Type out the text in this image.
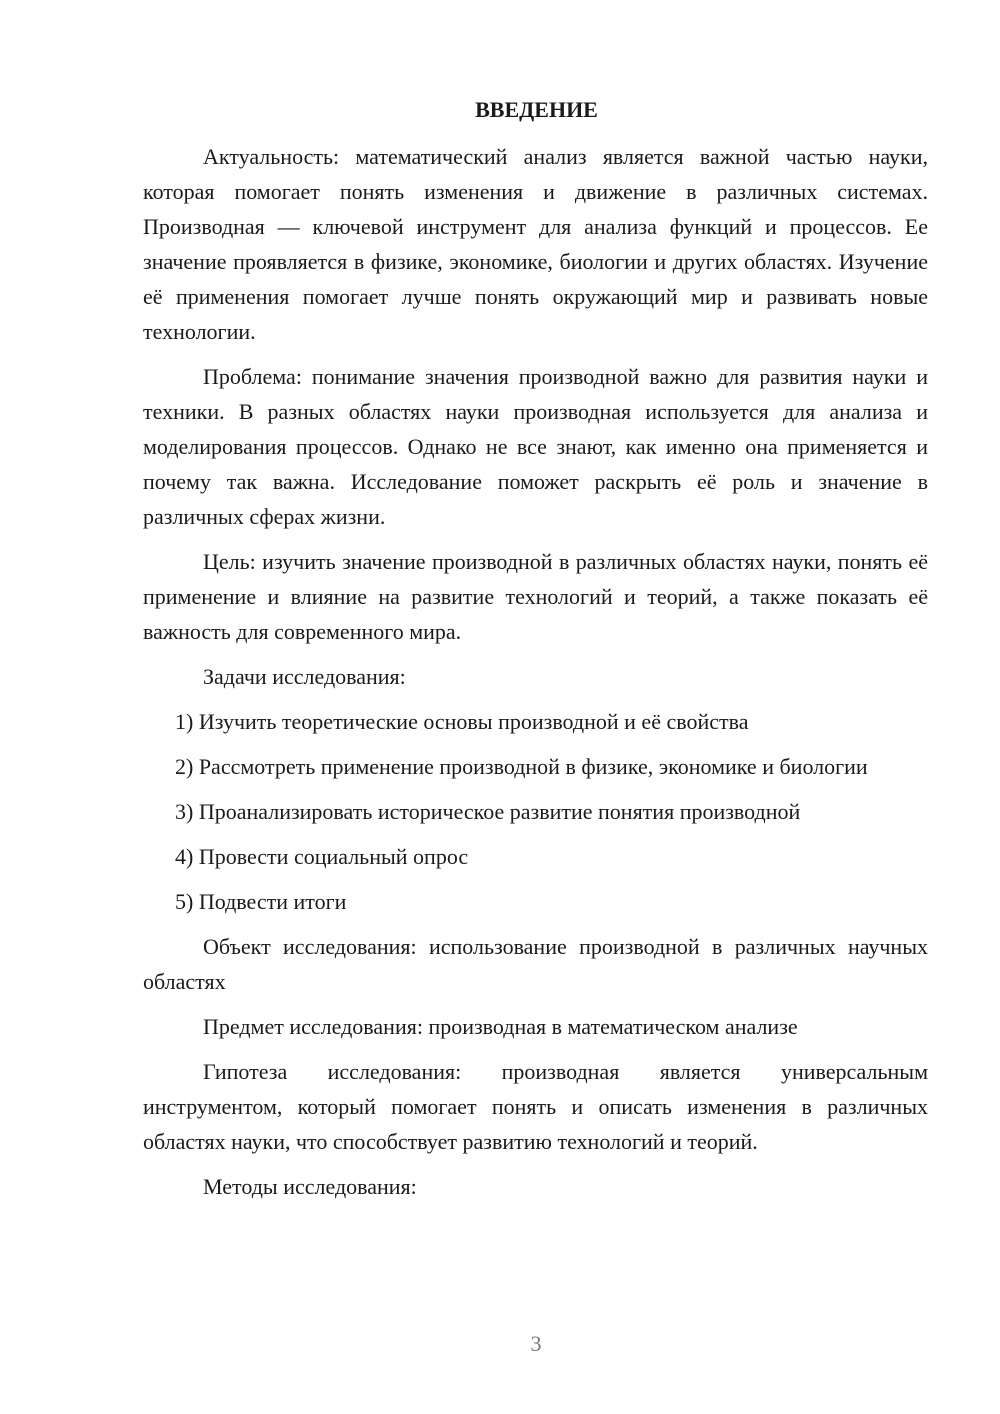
ВВЕДЕНИЕ

Актуальность: математический анализ является важной частью науки, которая помогает понять изменения и движение в различных системах. Производная — ключевой инструмент для анализа функций и процессов. Ее значение проявляется в физике, экономике, биологии и других областях. Изучение её применения помогает лучше понять окружающий мир и развивать новые технологии.

Проблема: понимание значения производной важно для развития науки и техники. В разных областях науки производная используется для анализа и моделирования процессов. Однако не все знают, как именно она применяется и почему так важна. Исследование поможет раскрыть её роль и значение в различных сферах жизни.

Цель: изучить значение производной в различных областях науки, понять её применение и влияние на развитие технологий и теорий, а также показать её важность для современного мира.

Задачи исследования:

1) Изучить теоретические основы производной и её свойства

2) Рассмотреть применение производной в физике, экономике и биологии

3) Проанализировать историческое развитие понятия производной

4) Провести социальный опрос

5) Подвести итоги

Объект исследования: использование производной в различных научных областях

Предмет исследования: производная в математическом анализе

Гипотеза исследования: производная является универсальным инструментом, который помогает понять и описать изменения в различных областях науки, что способствует развитию технологий и теорий.

Методы исследования:

3
